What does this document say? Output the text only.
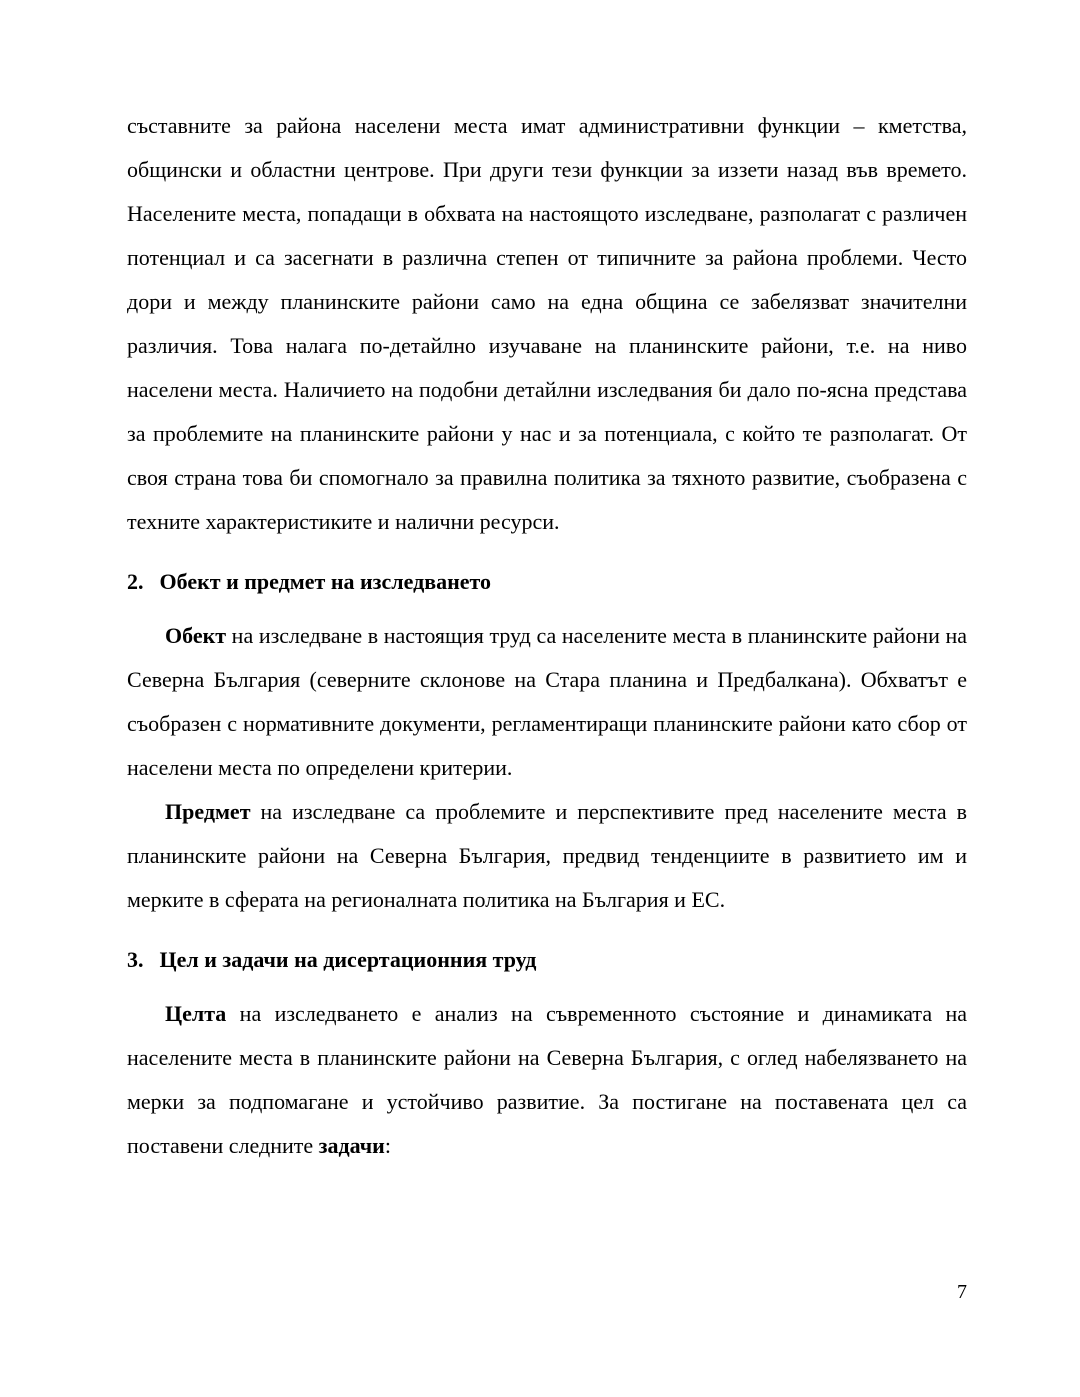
съставните за района населени места имат административни функции – кметства, общински и областни центрове. При други тези функции за иззети назад във времето. Населените места, попадащи в обхвата на настоящото изследване, разполагат с различен потенциал и са засегнати в различна степен от типичните за района проблеми. Често дори и между планинските райони само на една община се забелязват значителни различия. Това налага по-детайлно изучаване на планинските райони, т.е. на ниво населени места. Наличието на подобни детайлни изследвания би дало по-ясна представа за проблемите на планинските райони у нас и за потенциала, с който те разполагат. От своя страна това би спомогнало за правилна политика за тяхното развитие, съобразена с техните характеристиките и налични ресурси.

2. Обект и предмет на изследването

Обект на изследване в настоящия труд са населените места в планинските райони на Северна България (северните склонове на Стара планина и Предбалкана). Обхватът е съобразен с нормативните документи, регламентиращи планинските райони като сбор от населени места по определени критерии.

Предмет на изследване са проблемите и перспективите пред населените места в планинските райони на Северна България, предвид тенденциите в развитието им и мерките в сферата на регионалната политика на България и ЕС.

3. Цел и задачи на дисертационния труд

Целта на изследването е анализ на съвременното състояние и динамиката на населените места в планинските райони на Северна България, с оглед набелязването на мерки за подпомагане и устойчиво развитие. За постигане на поставената цел са поставени следните задачи:

7
